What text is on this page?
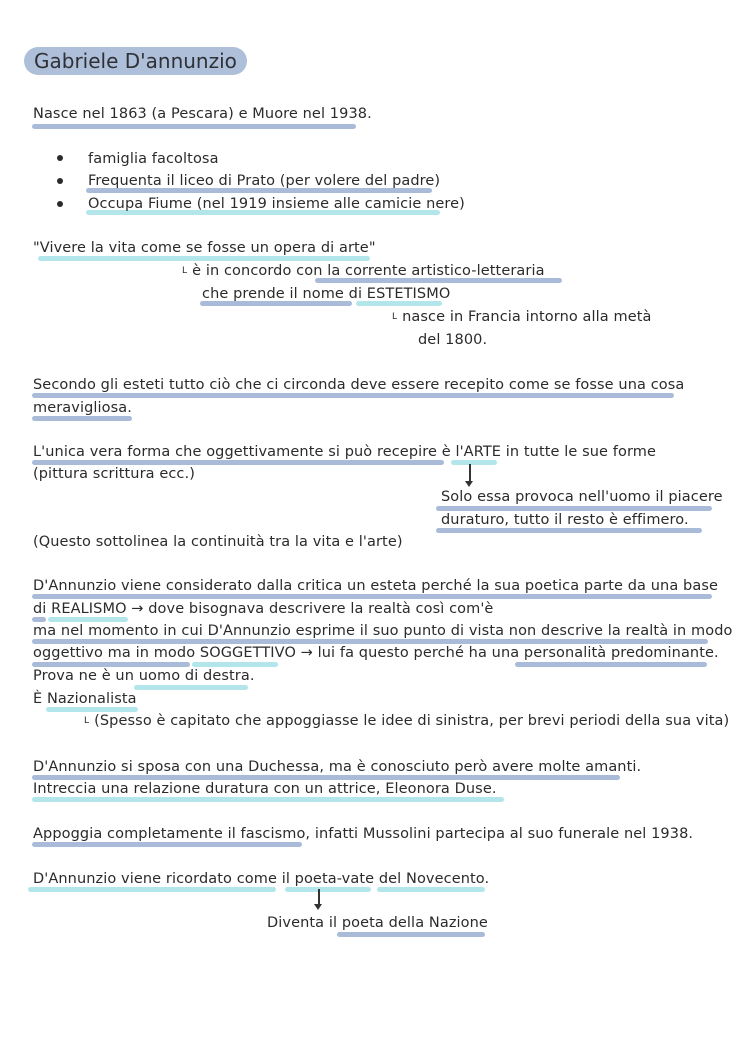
Gabriele D'annunzio
Nasce nel 1863 (a Pescara) e Muore nel 1938.
famiglia facoltosa
Frequenta il liceo di Prato (per volere del padre)
Occupa Fiume (nel 1919 insieme alle camicie nere)
"Vivere la vita come se fosse un opera di arte"
$^L$ è in concordo con la corrente artistico-letteraria
che prende il nome di ESTETISMO
$^L$ nasce in Francia intorno alla metà
del 1800.
Secondo gli esteti tutto ciò che ci circonda deve essere recepito come se fosse una cosa
meravigliosa.
L'unica vera forma che oggettivamente si può recepire è l'ARTE in tutte le sue forme
(pittura scrittura ecc.)
Solo essa provoca nell'uomo il piacere
duraturo, tutto il resto è effimero.
(Questo sottolinea la continuità tra la vita e l'arte)
D'Annunzio viene considerato dalla critica un esteta perché la sua poetica parte da una base
di REALISMO → dove bisognava descrivere la realtà così com'è
ma nel momento in cui D'Annunzio esprime il suo punto di vista non descrive la realtà in modo
oggettivo ma in modo SOGGETTIVO → lui fa questo perché ha una personalità predominante.
Prova ne è un uomo di destra.
È Nazionalista
$^L$ (Spesso è capitato che appoggiasse le idee di sinistra, per brevi periodi della sua vita)
D'Annunzio si sposa con una Duchessa, ma è conosciuto però avere molte amanti.
Intreccia una relazione duratura con un attrice, Eleonora Duse.
Appoggia completamente il fascismo, infatti Mussolini partecipa al suo funerale nel 1938.
D'Annunzio viene ricordato come il poeta-vate del Novecento.
Diventa il poeta della Nazione
